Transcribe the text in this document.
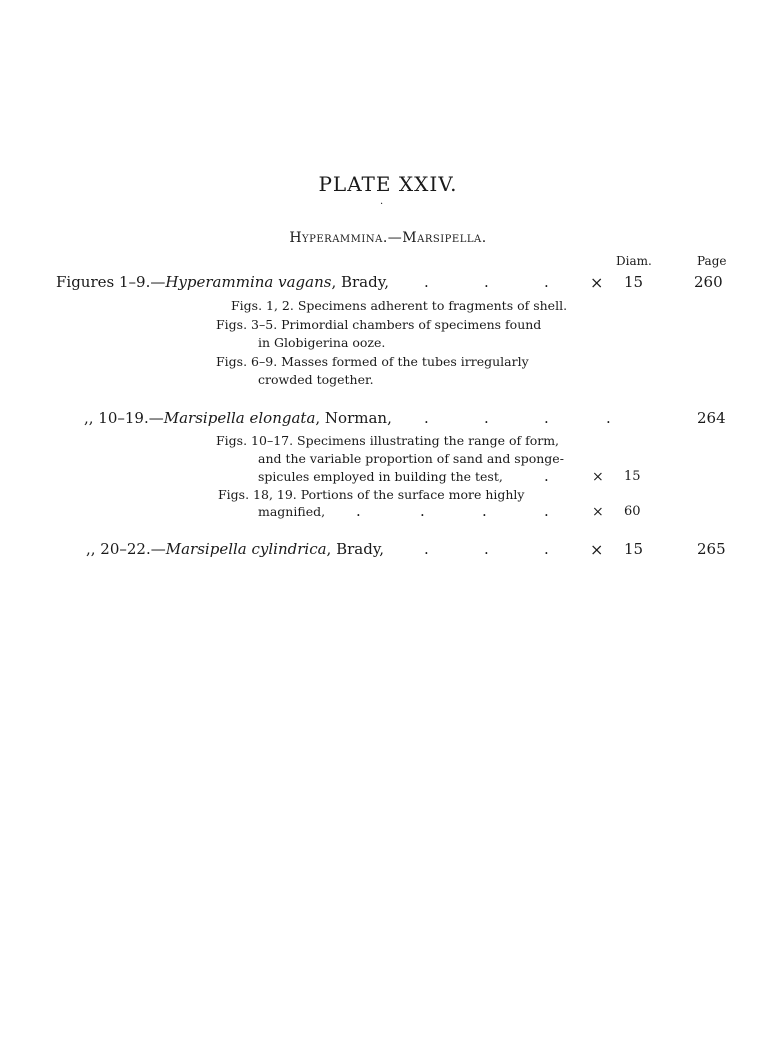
PLATE XXIV.
.
Hyperammina.—Marsipella.
Diam.	Page
Figures 1–9.—Hyperammina vagans, Brady, .	.	.	× 15	260
Figs. 1, 2. Specimens adherent to fragments of shell.
Figs. 3–5. Primordial chambers of specimens found
in Globigerina ooze.
Figs. 6–9. Masses formed of the tubes irregularly
crowded together.
,, 10–19.—Marsipella elongata, Norman, .	.	.	.	264
Figs. 10–17. Specimens illustrating the range of form,
and the variable proportion of sand and sponge-
spicules employed in building the test,	.	× 15
Figs. 18, 19. Portions of the surface more highly
magnified, .	.	.	.	× 60
,, 20–22.—Marsipella cylindrica, Brady,	.	.	.	× 15	265
